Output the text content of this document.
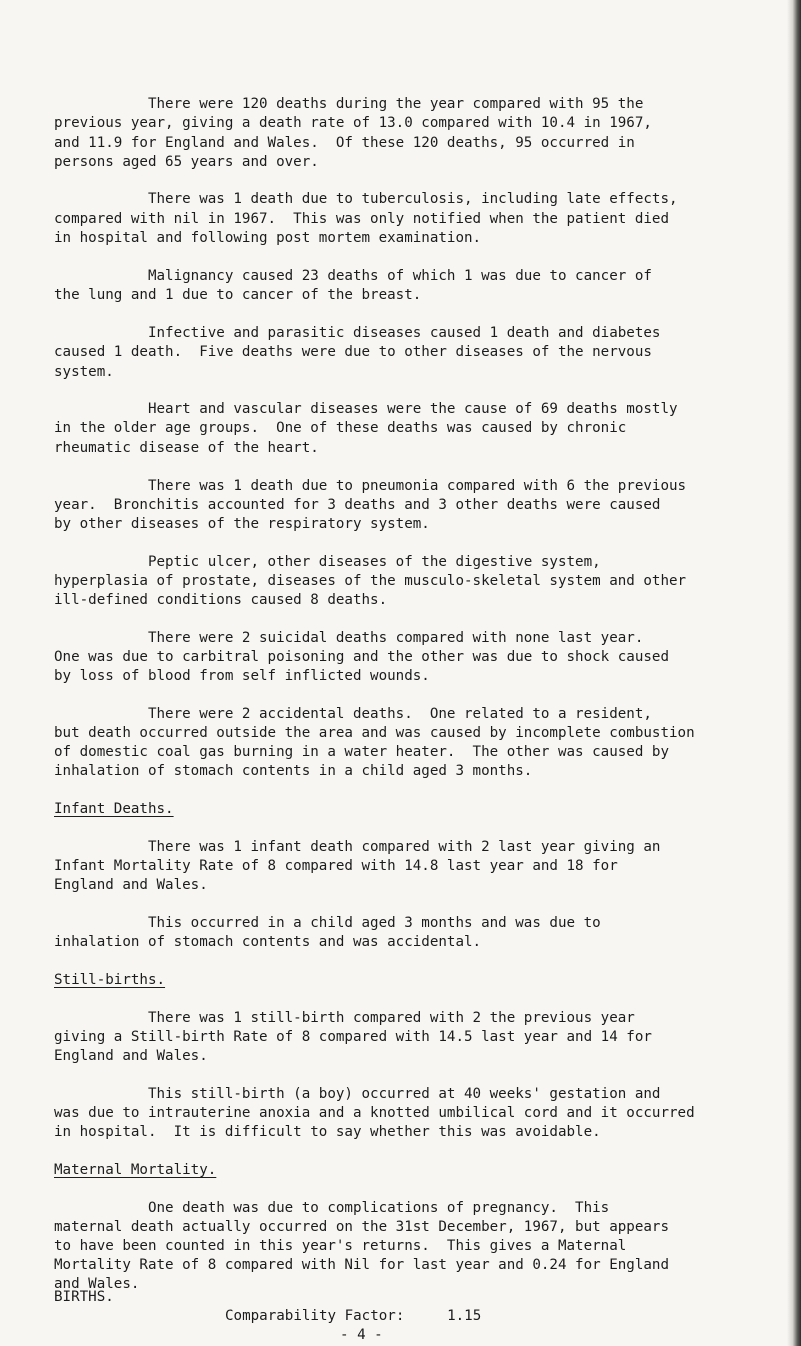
There were 120 deaths during the year compared with 95 the
previous year, giving a death rate of 13.0 compared with 10.4 in 1967,
and 11.9 for England and Wales.  Of these 120 deaths, 95 occurred in
persons aged 65 years and over.
There was 1 death due to tuberculosis, including late effects,
compared with nil in 1967.  This was only notified when the patient died
in hospital and following post mortem examination.
Malignancy caused 23 deaths of which 1 was due to cancer of
the lung and 1 due to cancer of the breast.
Infective and parasitic diseases caused 1 death and diabetes
caused 1 death.  Five deaths were due to other diseases of the nervous
system.
Heart and vascular diseases were the cause of 69 deaths mostly
in the older age groups.  One of these deaths was caused by chronic
rheumatic disease of the heart.
There was 1 death due to pneumonia compared with 6 the previous
year.  Bronchitis accounted for 3 deaths and 3 other deaths were caused
by other diseases of the respiratory system.
Peptic ulcer, other diseases of the digestive system,
hyperplasia of prostate, diseases of the musculo-skeletal system and other
ill-defined conditions caused 8 deaths.
There were 2 suicidal deaths compared with none last year.
One was due to carbitral poisoning and the other was due to shock caused
by loss of blood from self inflicted wounds.
There were 2 accidental deaths.  One related to a resident,
but death occurred outside the area and was caused by incomplete combustion
of domestic coal gas burning in a water heater.  The other was caused by
inhalation of stomach contents in a child aged 3 months.
Infant Deaths.
There was 1 infant death compared with 2 last year giving an
Infant Mortality Rate of 8 compared with 14.8 last year and 18 for
England and Wales.
This occurred in a child aged 3 months and was due to
inhalation of stomach contents and was accidental.
Still-births.
There was 1 still-birth compared with 2 the previous year
giving a Still-birth Rate of 8 compared with 14.5 last year and 14 for
England and Wales.
This still-birth (a boy) occurred at 40 weeks' gestation and
was due to intrauterine anoxia and a knotted umbilical cord and it occurred
in hospital.  It is difficult to say whether this was avoidable.
Maternal Mortality.
One death was due to complications of pregnancy.  This
maternal death actually occurred on the 31st December, 1967, but appears
to have been counted in this year's returns.  This gives a Maternal
Mortality Rate of 8 compared with Nil for last year and 0.24 for England
and Wales.
BIRTHS.
Comparability Factor:     1.15
- 4 -
